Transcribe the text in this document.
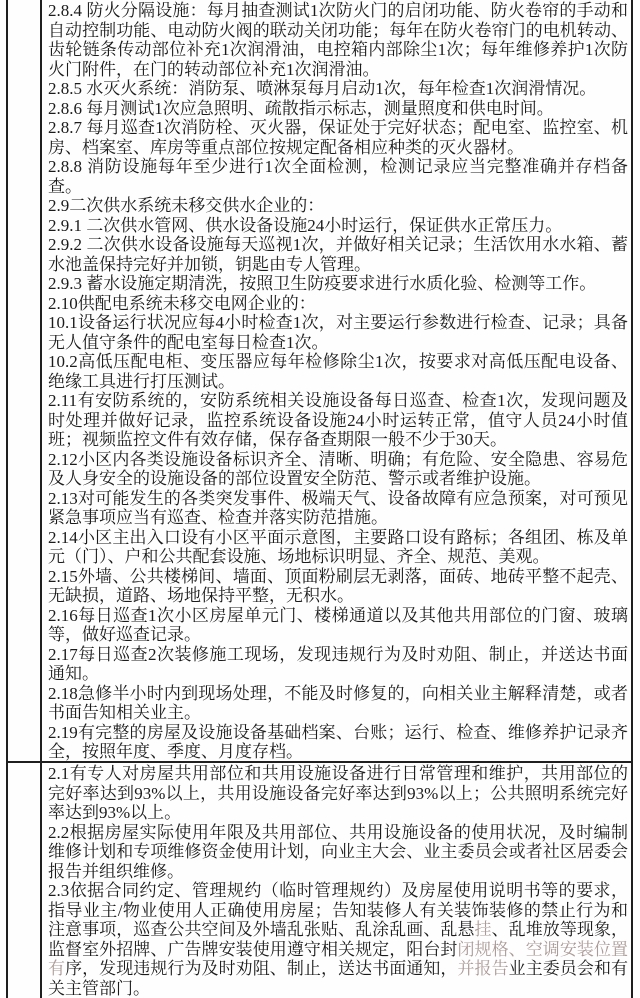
2.8.4 防火分隔设施：每月抽查测试1次防火门的启闭功能、防火卷帘的手动和自动控制功能、电动防火阀的联动关闭功能；每年在防火卷帘门的电机转动、齿轮链条传动部位补充1次润滑油，电控箱内部除尘1次；每年维修养护1次防火门附件，在门的转动部位补充1次润滑油。

2.8.5 水灭火系统：消防泵、喷淋泵每月启动1次，每年检查1次润滑情况。

2.8.6 每月测试1次应急照明、疏散指示标志，测量照度和供电时间。

2.8.7 每月巡查1次消防栓、灭火器，保证处于完好状态；配电室、监控室、机房、档案室、库房等重点部位按规定配备相应种类的灭火器材。

2.8.8 消防设施每年至少进行1次全面检测，检测记录应当完整准确并存档备查。

2.9二次供水系统未移交供水企业的：

2.9.1 二次供水管网、供水设备设施24小时运行，保证供水正常压力。

2.9.2 二次供水设备设施每天巡视1次，并做好相关记录；生活饮用水水箱、蓄水池盖保持完好并加锁，钥匙由专人管理。

2.9.3 蓄水设施定期清洗，按照卫生防疫要求进行水质化验、检测等工作。

2.10供配电系统未移交电网企业的：

10.1设备运行状况应每4小时检查1次，对主要运行参数进行检查、记录；具备无人值守条件的配电室每日检查1次。

10.2高低压配电柜、变压器应每年检修除尘1次，按要求对高低压配电设备、绝缘工具进行打压测试。

2.11有安防系统的，安防系统相关设施设备每日巡查、检查1次，发现问题及时处理并做好记录，监控系统设备设施24小时运转正常，值守人员24小时值班；视频监控文件有效存储，保存备查期限一般不少于30天。

2.12小区内各类设施设备标识齐全、清晰、明确；有危险、安全隐患、容易危及人身安全的设施设备的部位设置安全防范、警示或者维护设施。

2.13对可能发生的各类突发事件、极端天气、设备故障有应急预案，对可预见紧急事项应当有巡查、检查并落实防范措施。

2.14小区主出入口设有小区平面示意图，主要路口设有路标；各组团、栋及单元（门）、户和公共配套设施、场地标识明显、齐全、规范、美观。

2.15外墙、公共楼梯间、墙面、顶面粉刷层无剥落，面砖、地砖平整不起壳、无缺损，道路、场地保持平整，无积水。

2.16每日巡查1次小区房屋单元门、楼梯通道以及其他共用部位的门窗、玻璃等，做好巡查记录。

2.17每日巡查2次装修施工现场，发现违规行为及时劝阻、制止，并送达书面通知。

2.18急修半小时内到现场处理，不能及时修复的，向相关业主解释清楚，或者书面告知相关业主。

2.19有完整的房屋及设施设备基础档案、台账；运行、检查、维修养护记录齐全，按照年度、季度、月度存档。

2.1有专人对房屋共用部位和共用设施设备进行日常管理和维护，共用部位的完好率达到93%以上，共用设施设备完好率达到93%以上；公共照明系统完好率达到93%以上。

2.2根据房屋实际使用年限及共用部位、共用设施设备的使用状况，及时编制维修计划和专项维修资金使用计划，向业主大会、业主委员会或者社区居委会报告并组织维修。

2.3依据合同约定、管理规约（临时管理规约）及房屋使用说明书等的要求，指导业主/物业使用人正确使用房屋；告知装修人有关装饰装修的禁止行为和注意事项，巡查公共空间及外墙乱张贴、乱涂乱画、乱悬挂、乱堆放等现象，监督室外招牌、广告牌安装使用遵守相关规定，阳台封闭规格、空调安装位置有序，发现违规行为及时劝阻、制止，送达书面通知，并报告业主委员会和有关主管部门。
